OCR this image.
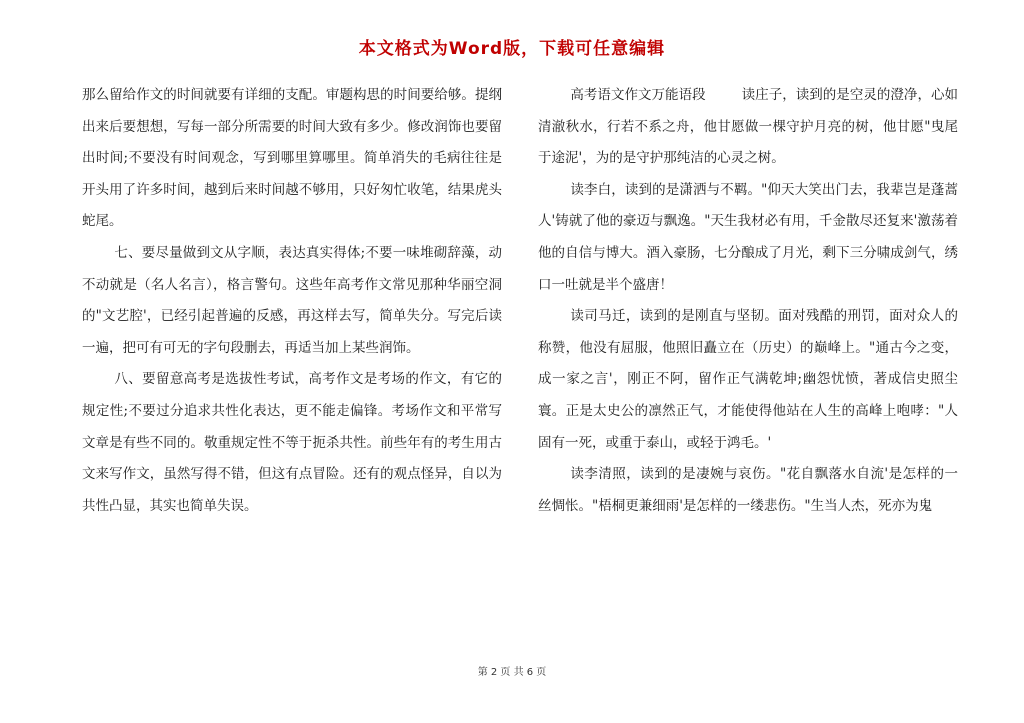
本文格式为Word版，下载可任意编辑

那么留给作文的时间就要有详细的支配。审题构思的时间要给够。提纲出来后要想想，写每一部分所需要的时间大致有多少。修改润饰也要留出时间;不要没有时间观念，写到哪里算哪里。简单消失的毛病往往是开头用了许多时间，越到后来时间越不够用，只好匆忙收笔，结果虎头蛇尾。

七、要尽量做到文从字顺，表达真实得体;不要一味堆砌辞藻，动不动就是（名人名言），格言警句。这些年高考作文常见那种华丽空洞的"文艺腔'，已经引起普遍的反感，再这样去写，简单失分。写完后读一遍，把可有可无的字句段删去，再适当加上某些润饰。

八、要留意高考是选拔性考试，高考作文是考场的作文，有它的规定性;不要过分追求共性化表达，更不能走偏锋。考场作文和平常写文章是有些不同的。敬重规定性不等于扼杀共性。前些年有的考生用古文来写作文，虽然写得不错，但这有点冒险。还有的观点怪异，自以为共性凸显，其实也简单失误。

高考语文作文万能语段	读庄子，读到的是空灵的澄净，心如清澈秋水，行若不系之舟，他甘愿做一棵守护月亮的树，他甘愿"曳尾于途泥'，为的是守护那纯洁的心灵之树。

读李白，读到的是潇洒与不羁。"仰天大笑出门去，我辈岂是蓬蒿人'铸就了他的豪迈与飘逸。"天生我材必有用，千金散尽还复来'激荡着他的自信与博大。酒入豪肠，七分酿成了月光，剩下三分啸成剑气，绣口一吐就是半个盛唐！

读司马迁，读到的是刚直与坚韧。面对残酷的刑罚，面对众人的称赞，他没有屈服，他照旧矗立在（历史）的巅峰上。"通古今之变，成一家之言'，刚正不阿，留作正气满乾坤;幽怨忧愤，著成信史照尘寰。正是太史公的凛然正气，才能使得他站在人生的高峰上咆哮："人固有一死，或重于泰山，或轻于鸿毛。'

读李清照，读到的是凄婉与哀伤。"花自飘落水自流'是怎样的一丝惆怅。"梧桐更兼细雨'是怎样的一缕悲伤。"生当人杰，死亦为鬼

第 2 页 共 6 页
